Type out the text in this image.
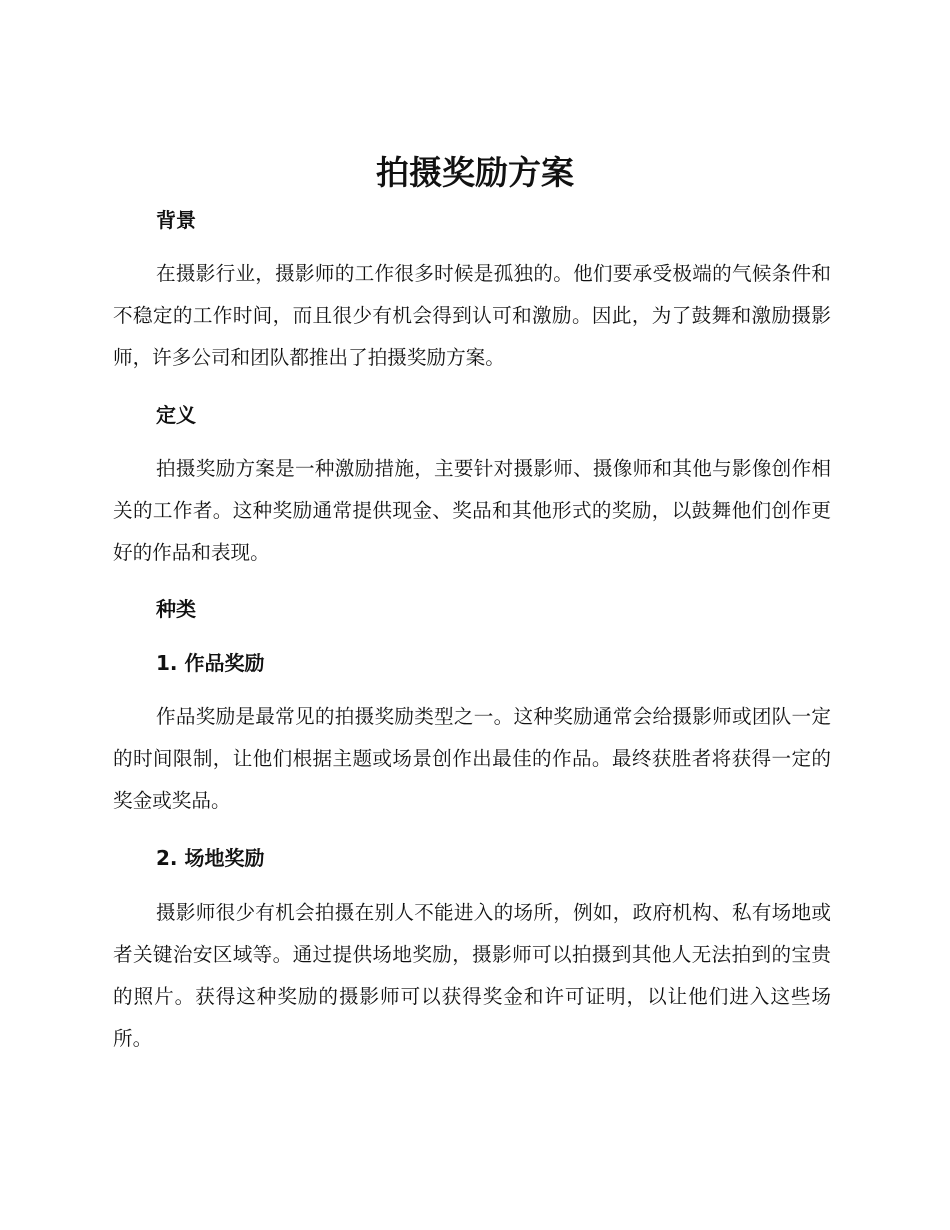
拍摄奖励方案
背景

在摄影行业，摄影师的工作很多时候是孤独的。他们要承受极端的气候条件和不稳定的工作时间，而且很少有机会得到认可和激励。因此，为了鼓舞和激励摄影师，许多公司和团队都推出了拍摄奖励方案。

定义

拍摄奖励方案是一种激励措施，主要针对摄影师、摄像师和其他与影像创作相关的工作者。这种奖励通常提供现金、奖品和其他形式的奖励，以鼓舞他们创作更好的作品和表现。

种类
1. 作品奖励

作品奖励是最常见的拍摄奖励类型之一。这种奖励通常会给摄影师或团队一定的时间限制，让他们根据主题或场景创作出最佳的作品。最终获胜者将获得一定的奖金或奖品。

2. 场地奖励

摄影师很少有机会拍摄在别人不能进入的场所，例如，政府机构、私有场地或者关键治安区域等。通过提供场地奖励，摄影师可以拍摄到其他人无法拍到的宝贵的照片。获得这种奖励的摄影师可以获得奖金和许可证明，以让他们进入这些场所。
